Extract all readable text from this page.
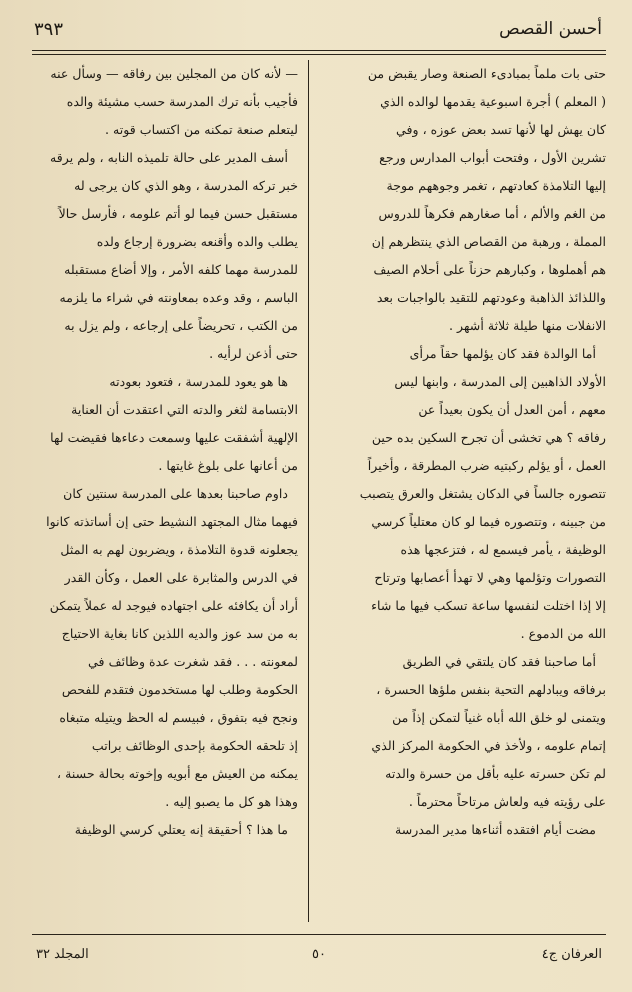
أحسن القصص
٣٩٣
حتى بات ملماً بمبادىء الصنعة وصار يقبض من
( المعلم ) أجرة اسبوعية يقدمها لوالده الذي
كان يهش لها لأنها تسد بعض عوزه ، وفي
تشرين الأول ، وفتحت أبواب المدارس ورجع
إليها التلامذة كعادتهم ، تغمر وجوههم موجة
من الغم والألم ، أما صغارهم فكرهاً للدروس
المملة ، ورهبة من القصاص الذي ينتظرهم إن
هم أهملوها ، وكبارهم حزناً على أحلام الصيف
واللذائذ الذاهبة وعودتهم للتقيد بالواجبات بعد
الانفلات منها طيلة ثلاثة أشهر .
أما الوالدة فقد كان يؤلمها حقاً مرأى
الأولاد الذاهبين إلى المدرسة ، وابنها ليس
معهم ، أمن العدل أن يكون بعيداً عن
رفاقه ؟ هي تخشى أن تجرح السكين بده حين
العمل ، أو يؤلم ركبتيه ضرب المطرقة ، وأخيراً
تتصوره جالساً في الدكان يشتغل والعرق يتصبب
من جبينه ، وتتصوره فيما لو كان معتلياً كرسي
الوظيفة ، يأمر فيسمع له ، فتزعجها هذه
التصورات وتؤلمها وهي لا تهدأ أعصابها وترتاح
إلا إذا اختلت لنفسها ساعة تسكب فيها ما شاء
الله من الدموع .
أما صاحبنا فقد كان يلتقي في الطريق
برفاقه ويبادلهم التحية بنفس ملؤها الحسرة ،
ويتمنى لو خلق الله أباه غنياً لتمكن إذاً من
إتمام علومه ، ولأخذ في الحكومة المركز الذي
لم تكن حسرته عليه بأقل من حسرة والدته
على رؤيته فيه ولعاش مرتاحاً محترماً .
مضت أيام افتقده أثناءها مدير المدرسة
— لأنه كان من المجلين بين رفاقه — وسأل عنه
فأجيب بأنه ترك المدرسة حسب مشيئة والده
ليتعلم صنعة تمكنه من اكتساب قوته .
أسف المدير على حالة تلميذه النابه ، ولم يرقه
خبر تركه المدرسة ، وهو الذي كان يرجى له
مستقبل حسن فيما لو أتم علومه ، فأرسل حالاً
يطلب والده وأقنعه بضرورة إرجاع ولده
للمدرسة مهما كلفه الأمر ، وإلا أضاع مستقبله
الباسم ، وقد وعده بمعاونته في شراء ما يلزمه
من الكتب ، تحريضاً على إرجاعه ، ولم يزل به
حتى أذعن لرأيه .
ها هو يعود للمدرسة ، فتعود بعودته
الابتسامة لثغر والدته التي اعتقدت أن العناية
الإلهية أشفقت عليها وسمعت دعاءها فقيضت لها
من أعانها على بلوغ غايتها .
داوم صاحبنا بعدها على المدرسة سنتين كان
فيهما مثال المجتهد النشيط حتى إن أساتذته كانوا
يجعلونه قدوة التلامذة ، ويضربون لهم به المثل
في الدرس والمثابرة على العمل ، وكأن القدر
أراد أن يكافئه على اجتهاده فيوجد له عملاً يتمكن
به من سد عوز والديه اللذين كانا بغاية الاحتياج
لمعونته . . . فقد شغرت عدة وظائف في
الحكومة وطلب لها مستخدمون فتقدم للفحص
ونجح فيه بتفوق ، فبيسم له الحظ ويتيله متبغاه
إذ تلحقه الحكومة بإحدى الوظائف براتب
يمكنه من العيش مع أبويه وإخوته بحالة حسنة ،
وهذا هو كل ما يصبو إليه .
ما هذا ؟ أحقيقة إنه يعتلي كرسي الوظيفة
العرفان ج٤
٥٠
المجلد ٣٢
